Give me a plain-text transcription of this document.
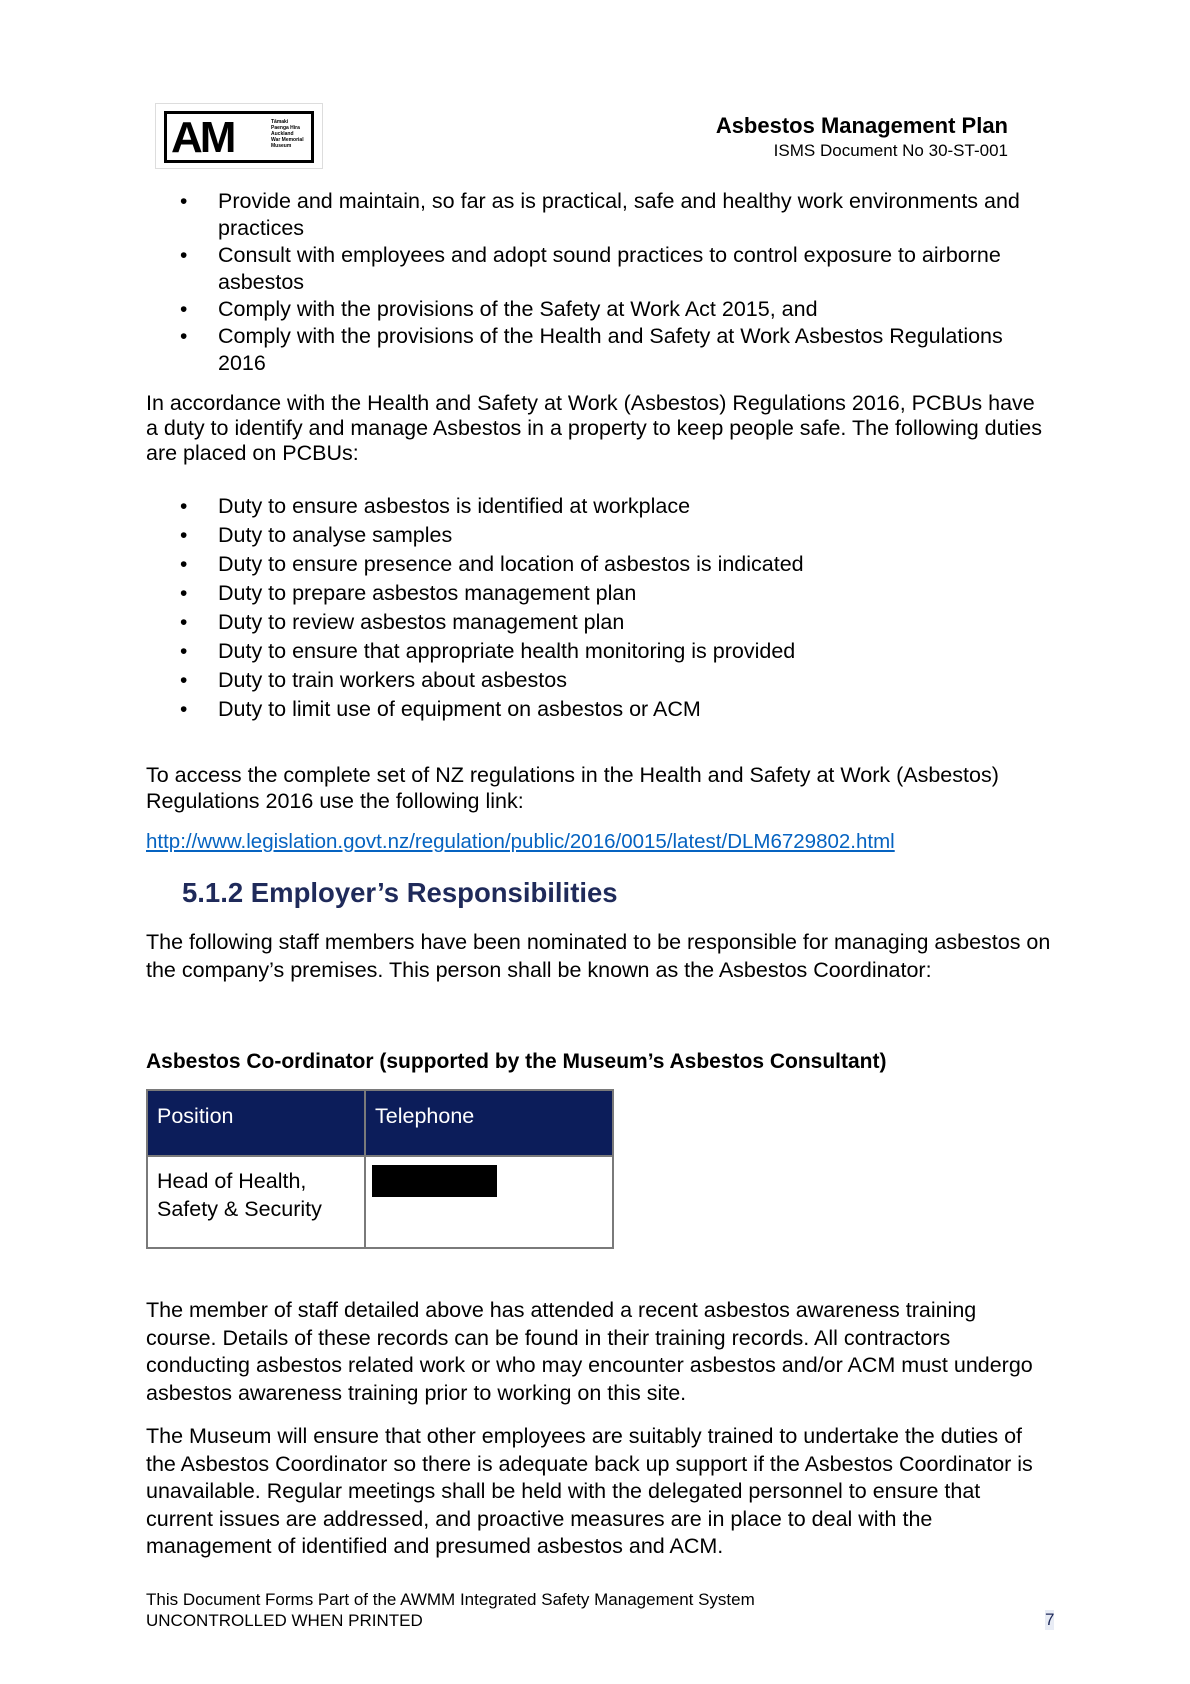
AM	Tāmaki
Paenga Hira
Auckland
War Memorial
Museum
Asbestos Management Plan
ISMS Document No 30-ST-001
• Provide and maintain, so far as is practical, safe and healthy work environments and practices
• Consult with employees and adopt sound practices to control exposure to airborne asbestos
• Comply with the provisions of the Safety at Work Act 2015, and
• Comply with the provisions of the Health and Safety at Work Asbestos Regulations 2016

In accordance with the Health and Safety at Work (Asbestos) Regulations 2016, PCBUs have a duty to identify and manage Asbestos in a property to keep people safe. The following duties are placed on PCBUs:

• Duty to ensure asbestos is identified at workplace
• Duty to analyse samples
• Duty to ensure presence and location of asbestos is indicated
• Duty to prepare asbestos management plan
• Duty to review asbestos management plan
• Duty to ensure that appropriate health monitoring is provided
• Duty to train workers about asbestos
• Duty to limit use of equipment on asbestos or ACM

To access the complete set of NZ regulations in the Health and Safety at Work (Asbestos) Regulations 2016 use the following link:

http://www.legislation.govt.nz/regulation/public/2016/0015/latest/DLM6729802.html
5.1.2 Employer’s Responsibilities

The following staff members have been nominated to be responsible for managing asbestos on the company’s premises. This person shall be known as the Asbestos Coordinator:

Asbestos Co-ordinator (supported by the Museum’s Asbestos Consultant)

Position	Telephone
Head of Health, Safety & Security	

The member of staff detailed above has attended a recent asbestos awareness training course. Details of these records can be found in their training records. All contractors conducting asbestos related work or who may encounter asbestos and/or ACM must undergo asbestos awareness training prior to working on this site.

The Museum will ensure that other employees are suitably trained to undertake the duties of the Asbestos Coordinator so there is adequate back up support if the Asbestos Coordinator is unavailable. Regular meetings shall be held with the delegated personnel to ensure that current issues are addressed, and proactive measures are in place to deal with the management of identified and presumed asbestos and ACM.

This Document Forms Part of the AWMM Integrated Safety Management System
UNCONTROLLED WHEN PRINTED	7
